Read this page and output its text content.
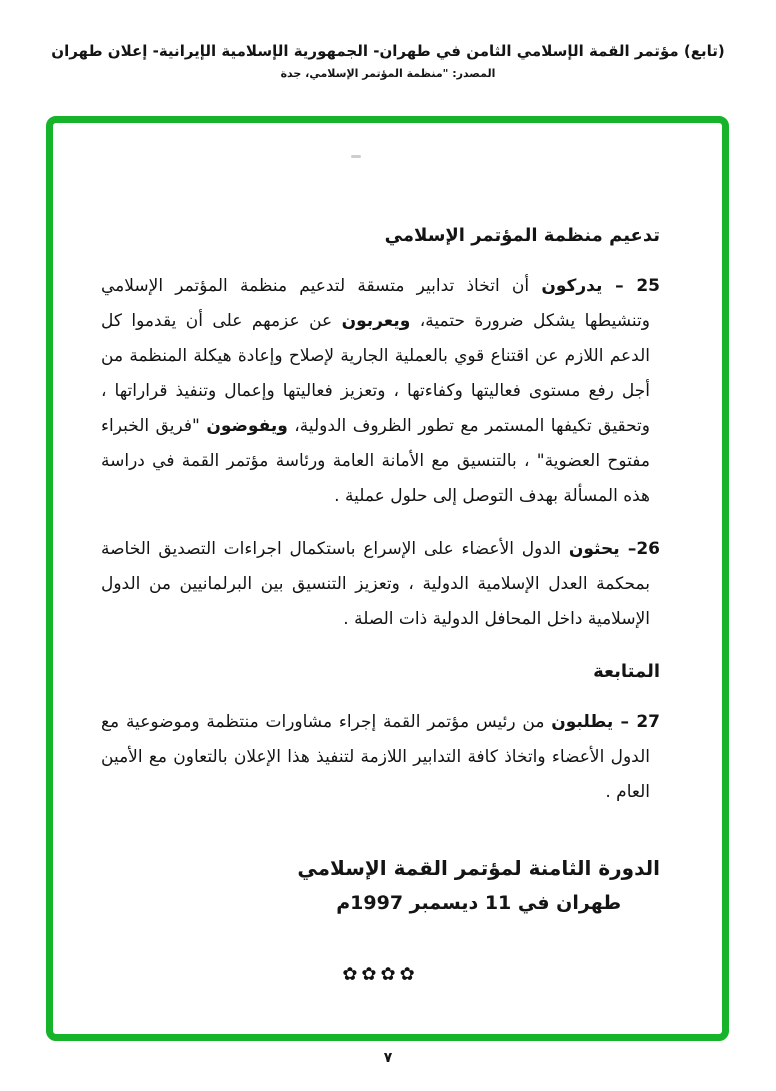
(تابع) مؤتمر القمة الإسلامي الثامن في طهران- الجمهورية الإسلامية الإيرانية- إعلان طهران
المصدر: "منظمة المؤتمر الإسلامي، جدة
تدعيم منظمة المؤتمر الإسلامي

25 – يدركون أن اتخاذ تدابير متسقة لتدعيم منظمة المؤتمر الإسلامي وتنشيطها يشكل ضرورة حتمية، ويعربون عن عزمهم على أن يقدموا كل الدعم اللازم عن اقتناع قوي بالعملية الجارية لإصلاح وإعادة هيكلة المنظمة من أجل رفع مستوى فعاليتها وكفاءتها ، وتعزيز فعاليتها وإعمال وتنفيذ قراراتها ، وتحقيق تكيفها المستمر مع تطور الظروف الدولية، ويفوضون "فريق الخبراء مفتوح العضوية" ، بالتنسيق مع الأمانة العامة ورئاسة مؤتمر القمة في دراسة هذه المسألة بهدف التوصل إلى حلول عملية .

26– يحثون الدول الأعضاء على الإسراع باستكمال اجراءات التصديق الخاصة بمحكمة العدل الإسلامية الدولية ، وتعزيز التنسيق بين البرلمانيين من الدول الإسلامية داخل المحافل الدولية ذات الصلة .

المتابعة

27 – يطلبون من رئيس مؤتمر القمة إجراء مشاورات منتظمة وموضوعية مع الدول الأعضاء واتخاذ كافة التدابير اللازمة لتنفيذ هذا الإعلان بالتعاون مع الأمين العام .

الدورة الثامنة لمؤتمر القمة الإسلامي
طهران في 11 ديسمبر 1997م
✿✿✿✿
٧
